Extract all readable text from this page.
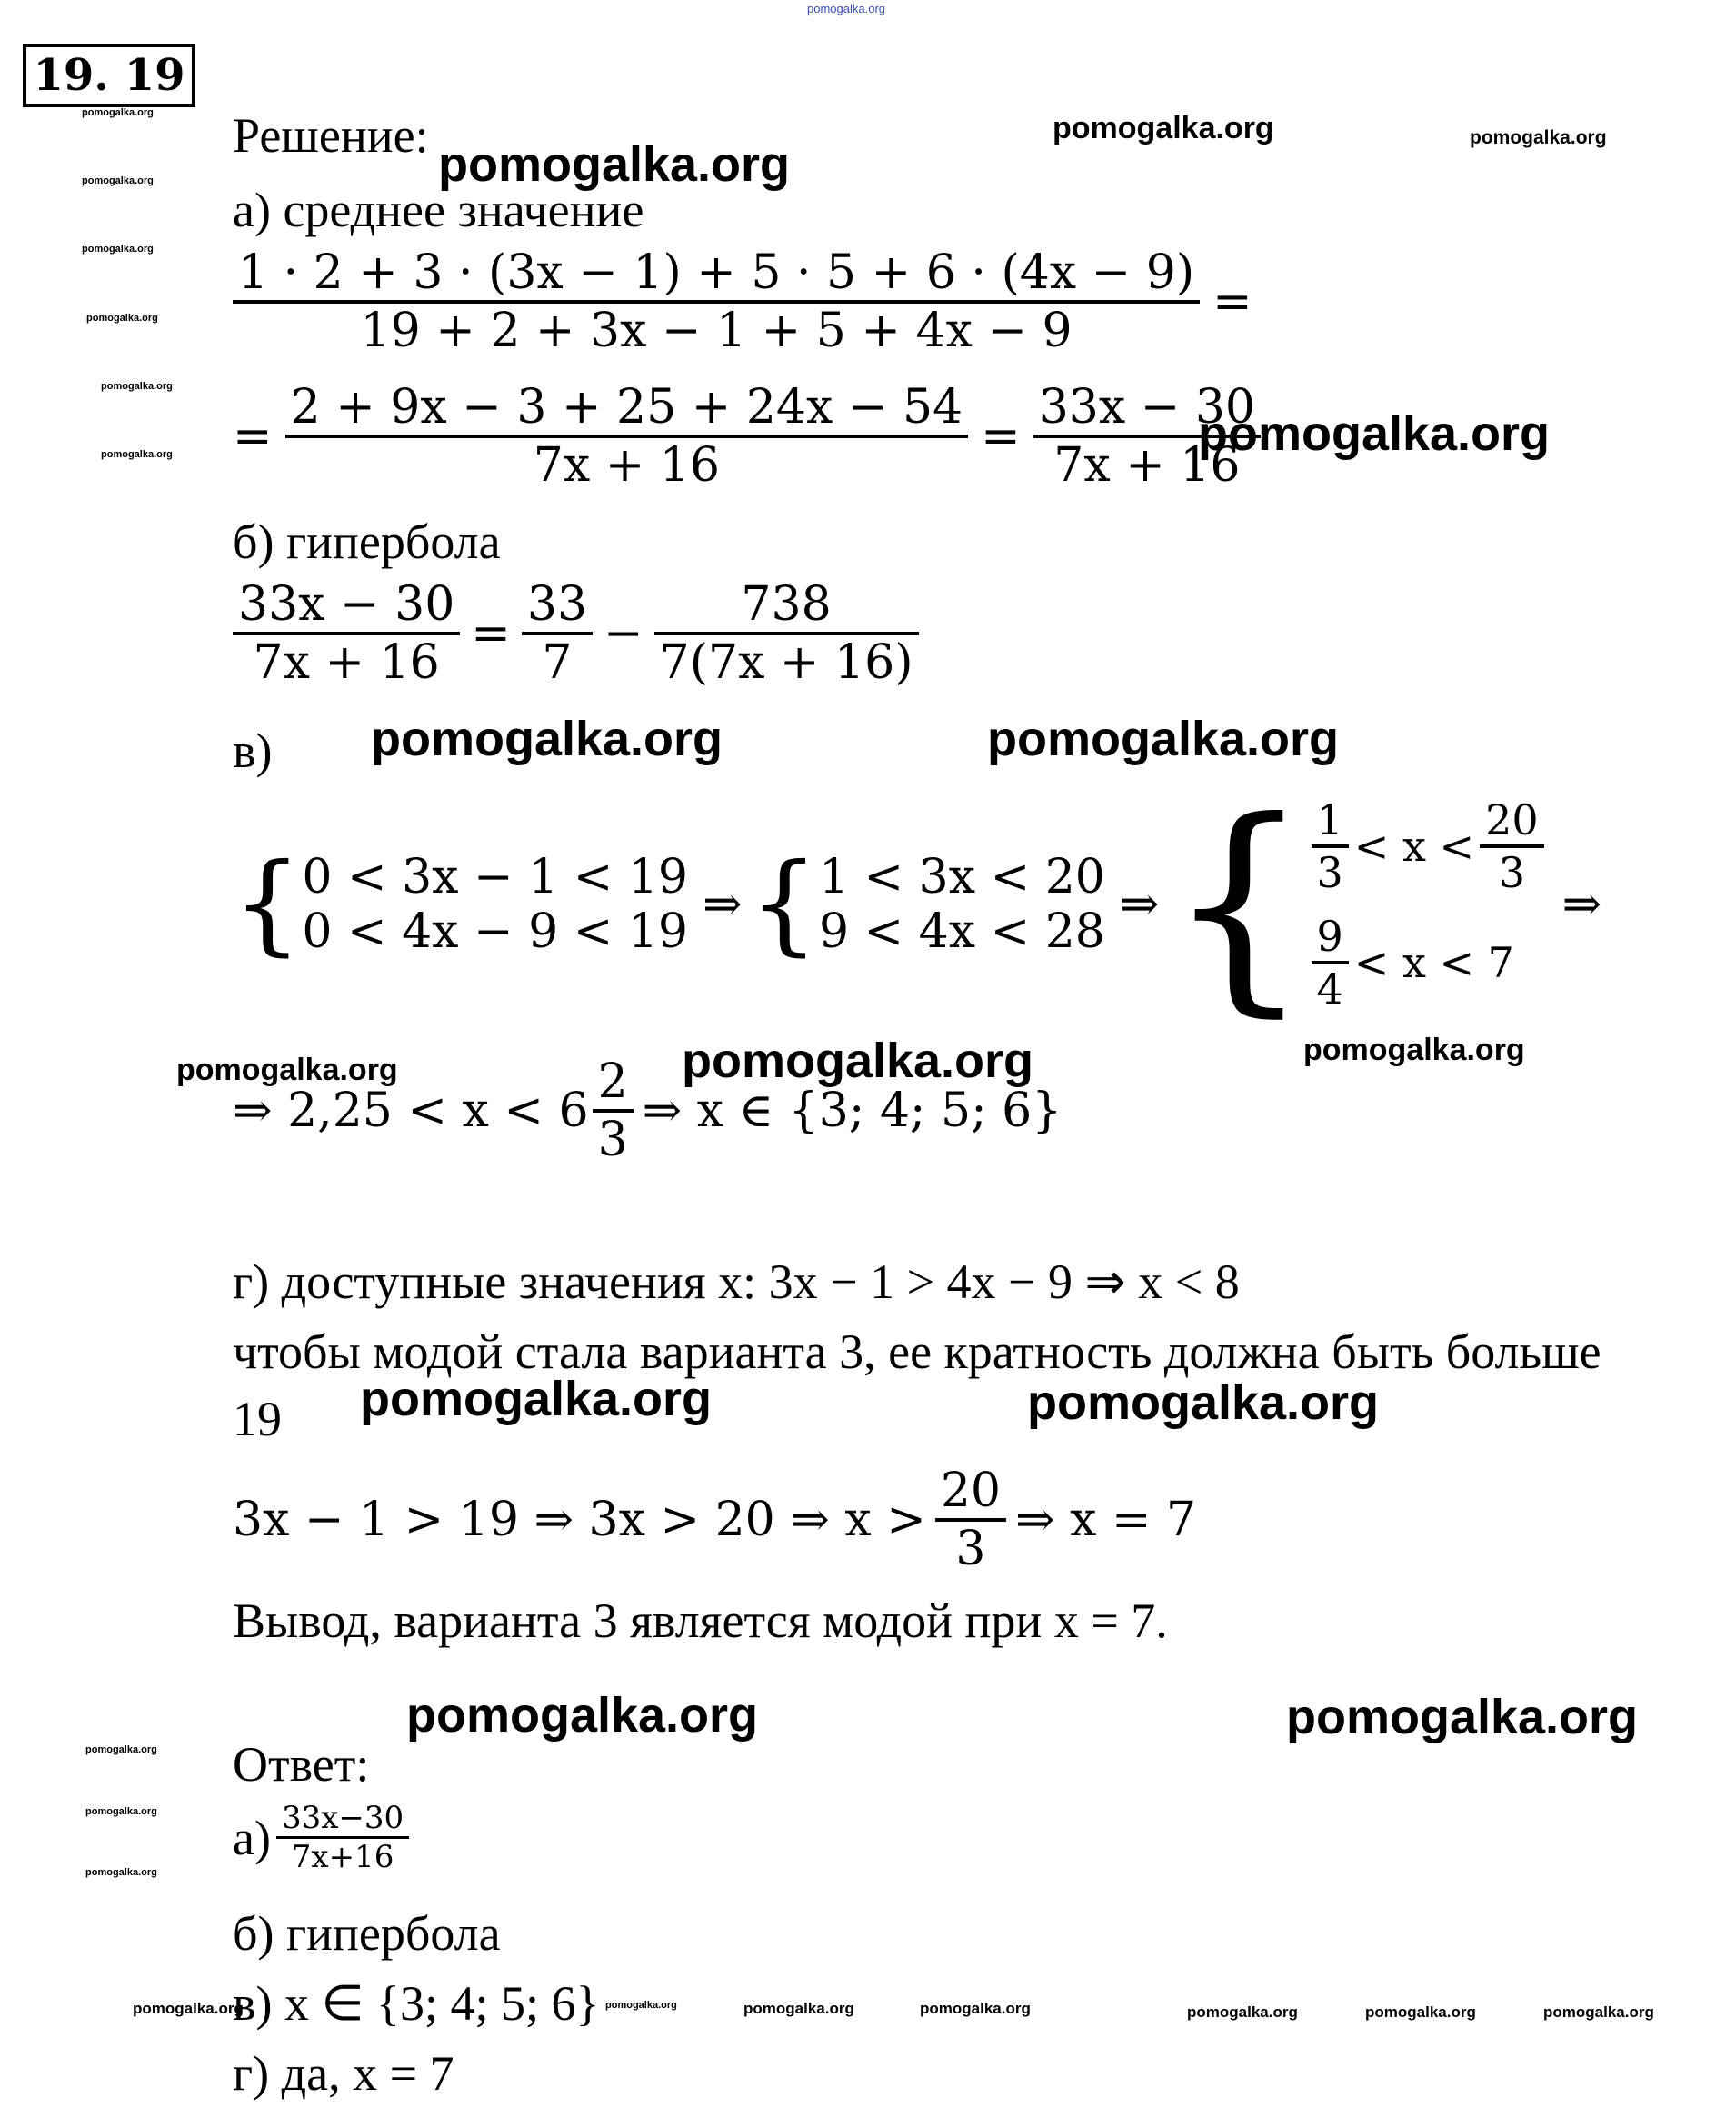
pomogalka.org
19. 19
pomogalka.org
pomogalka.org
pomogalka.org
pomogalka.org
pomogalka.org
pomogalka.org
Решение:
pomogalka.org
pomogalka.org	pomogalka.org
а) среднее значение
$\frac{1 \cdot 2 + 3 \cdot (3x - 1) + 5 \cdot 5 + 6 \cdot (4x - 9)}{19 + 2 + 3x - 1 + 5 + 4x - 9}$ =
= $\frac{2 + 9x - 3 + 25 + 24x - 54}{7x + 16} = \frac{33x - 30}{7x + 16}$
pomogalka.org
б) гипербола
$\frac{33x - 30}{7x + 16} = \frac{33}{7} - \frac{738}{7(7x + 16)}$
в) pomogalka.org	pomogalka.org
{ 0 < 3x − 1 < 19
0 < 4x − 9 < 19 ⇒ { 1 < 3x < 20
9 < 4x < 28 ⇒ { $\frac{1}{3} < x < \frac{20}{3}$
$\frac{9}{4} < x < 7$
⇒
pomogalka.org	pomogalka.org	pomogalka.org
⇒ $2,25 < x < 6 \frac{2}{3}$ ⇒ x ∈ {3; 4; 5; 6}
г) доступные значения x: 3x − 1 > 4x − 9 ⇒ x < 8
чтобы модой стала варианта 3, ее кратность должна быть больше
19 pomogalka.org	pomogalka.org
3x − 1 > 19 ⇒ 3x > 20 ⇒ $x > \frac{20}{3}$ ⇒ x = 7
Вывод, варианта 3 является модой при x = 7.
pomogalka.org	pomogalka.org
pomogalka.org
pomogalka.org
pomogalka.org
Ответ:
$а) \frac{33x-30}{7x+16}$
б) гипербола
в) x ∈ {3; 4; 5; 6}
г) да, x = 7
pomogalka.org	pomogalka.org	pomogalka.org	pomogalka.org	pomogalka.org	pomogalka.org	pomogalka.org
